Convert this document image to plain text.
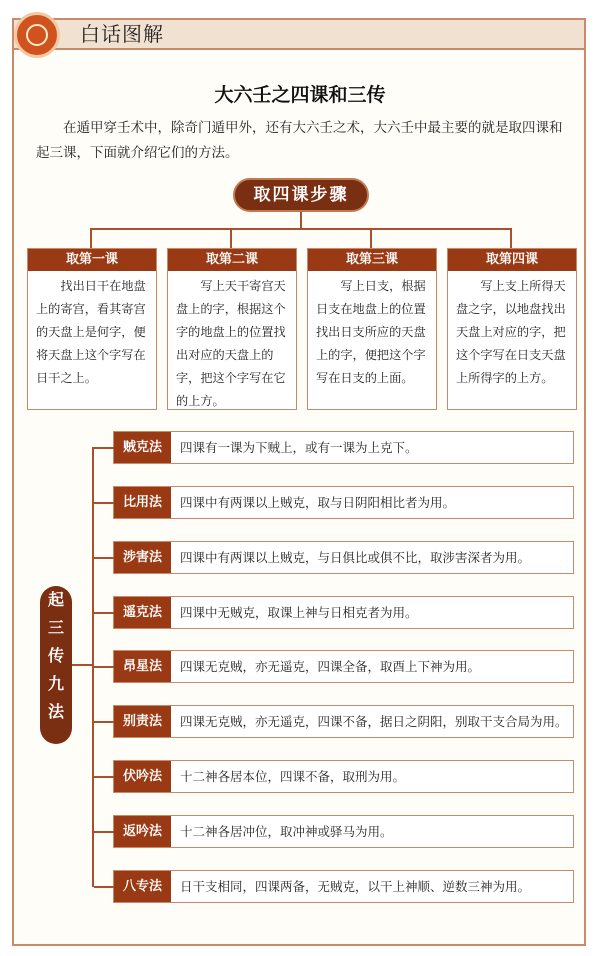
白话图解
大六壬之四课和三传
在遁甲穿壬术中，除奇门遁甲外，还有大六壬之术，大六壬中最主要的就是取四课和起三课，下面就介绍它们的方法。
取四课步骤
取第一课
找出日干在地盘上的寄宫，看其寄宫的天盘上是何字，便将天盘上这个字写在日干之上。
取第二课
写上天干寄宫天盘上的字，根据这个字的地盘上的位置找出对应的天盘上的字，把这个字写在它的上方。
取第三课
写上日支，根据日支在地盘上的位置找出日支所应的天盘上的字，便把这个字写在日支的上面。
取第四课
写上支上所得天盘之字，以地盘找出天盘上对应的字，把这个字写在日支天盘上所得字的上方。
起
三
传
九
法
贼克法	四课有一课为下贼上，或有一课为上克下。
比用法	四课中有两课以上贼克，取与日阴阳相比者为用。
涉害法	四课中有两课以上贼克，与日俱比或俱不比，取涉害深者为用。
遥克法	四课中无贼克，取课上神与日相克者为用。
昂星法	四课无克贼，亦无遥克，四课全备，取酉上下神为用。
别责法	四课无克贼，亦无遥克，四课不备，据日之阴阳，别取干支合局为用。
伏吟法	十二神各居本位，四课不备，取刑为用。
返吟法	十二神各居冲位，取冲神或驿马为用。
八专法	日干支相同，四课两备，无贼克，以干上神顺、逆数三神为用。
